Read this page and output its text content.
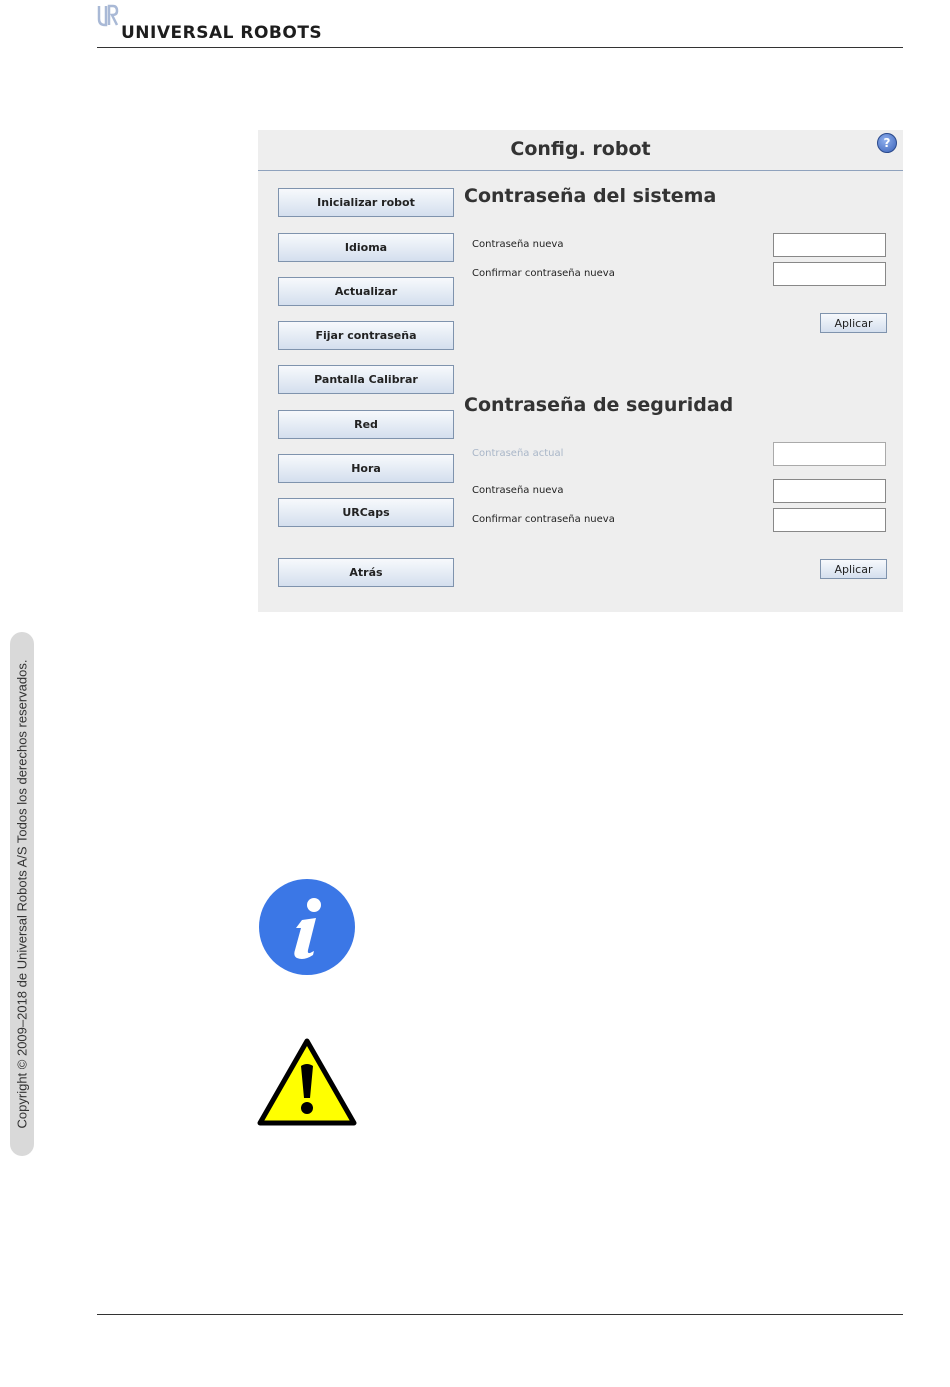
UNIVERSAL ROBOTS
Copyright © 2009–2018 de Universal Robots A/S Todos los derechos reservados.
Config. robot	?
Inicializar robot
Idioma
Actualizar
Fijar contraseña
Pantalla Calibrar
Red
Hora
URCaps
Atrás
Contraseña del sistema
Contraseña nueva
Confirmar contraseña nueva
Aplicar
Contraseña de seguridad
Contraseña actual
Contraseña nueva
Confirmar contraseña nueva
Aplicar
